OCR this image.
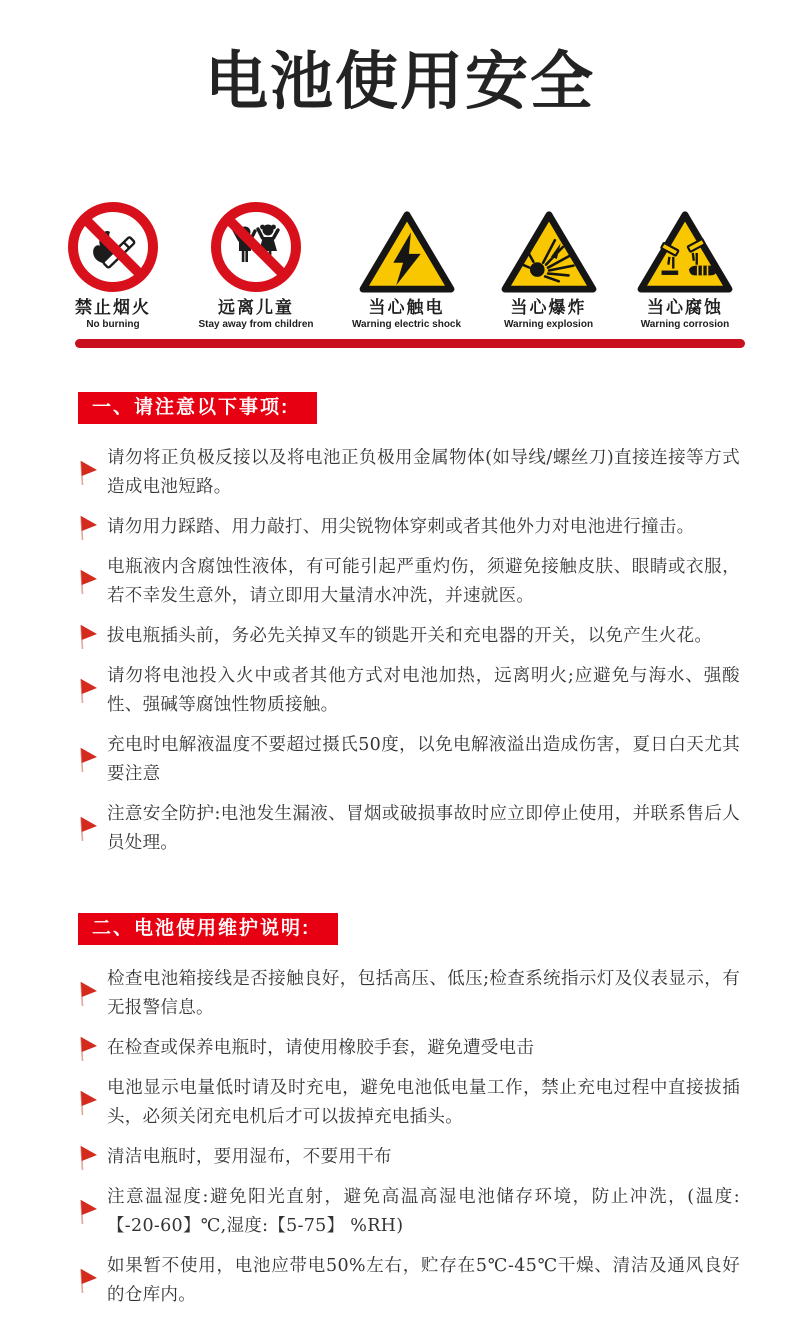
电池使用安全
禁止烟火
No burning
远离儿童
Stay away from children
当心触电
Warning electric shock
当心爆炸
Warning explosion
当心腐蚀
Warning corrosion
一、请注意以下事项:

请勿将正负极反接以及将电池正负极用金属物体(如导线/螺丝刀)直接连接等方式造成电池短路。

请勿用力踩踏、用力敲打、用尖锐物体穿刺或者其他外力对电池进行撞击。

电瓶液内含腐蚀性液体，有可能引起严重灼伤，须避免接触皮肤、眼睛或衣服，若不幸发生意外，请立即用大量清水冲洗，并速就医。

拔电瓶插头前，务必先关掉叉车的锁匙开关和充电器的开关，以免产生火花。

请勿将电池投入火中或者其他方式对电池加热，远离明火;应避免与海水、强酸性、强碱等腐蚀性物质接触。

充电时电解液温度不要超过摄氏50度，以免电解液溢出造成伤害，夏日白天尤其要注意

注意安全防护:电池发生漏液、冒烟或破损事故时应立即停止使用，并联系售后人员处理。

二、电池使用维护说明:

检查电池箱接线是否接触良好，包括高压、低压;检查系统指示灯及仪表显示，有无报警信息。

在检查或保养电瓶时，请使用橡胶手套，避免遭受电击

电池显示电量低时请及时充电，避免电池低电量工作，禁止充电过程中直接拔插头，必须关闭充电机后才可以拔掉充电插头。

清洁电瓶时，要用湿布，不要用干布

注意温湿度:避免阳光直射，避免高温高湿电池储存环境，防止冲洗，(温度:【-20-60】℃,湿度:【5-75】 %RH)

如果暂不使用，电池应带电50%左右，贮存在5℃-45℃干燥、清洁及通风良好的仓库内。
